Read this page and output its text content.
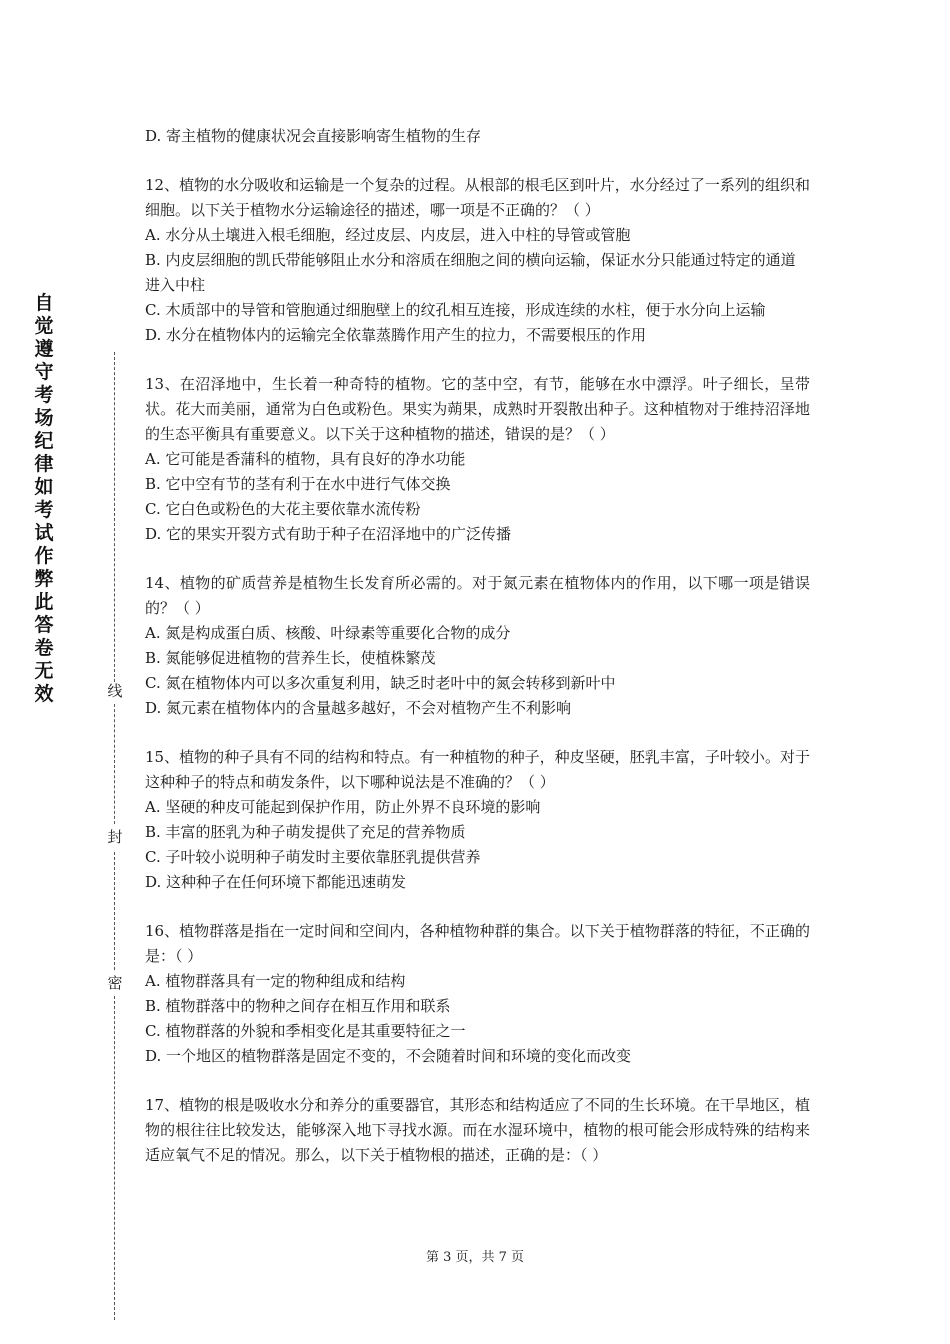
自觉遵守考场纪律如考试作弊此答卷无效	线
封
密

D. 寄主植物的健康状况会直接影响寄生植物的生存

12、植物的水分吸收和运输是一个复杂的过程。从根部的根毛区到叶片，水分经过了一系列的组织和细胞。以下关于植物水分运输途径的描述，哪一项是不正确的？（ ）

A. 水分从土壤进入根毛细胞，经过皮层、内皮层，进入中柱的导管或管胞

B. 内皮层细胞的凯氏带能够阻止水分和溶质在细胞之间的横向运输，保证水分只能通过特定的通道进入中柱

C. 木质部中的导管和管胞通过细胞壁上的纹孔相互连接，形成连续的水柱，便于水分向上运输

D. 水分在植物体内的运输完全依靠蒸腾作用产生的拉力，不需要根压的作用

13、在沼泽地中，生长着一种奇特的植物。它的茎中空，有节，能够在水中漂浮。叶子细长，呈带状。花大而美丽，通常为白色或粉色。果实为蒴果，成熟时开裂散出种子。这种植物对于维持沼泽地的生态平衡具有重要意义。以下关于这种植物的描述，错误的是？（ ）

A. 它可能是香蒲科的植物，具有良好的净水功能

B. 它中空有节的茎有利于在水中进行气体交换

C. 它白色或粉色的大花主要依靠水流传粉

D. 它的果实开裂方式有助于种子在沼泽地中的广泛传播

14、植物的矿质营养是植物生长发育所必需的。对于氮元素在植物体内的作用，以下哪一项是错误的？（ ）

A. 氮是构成蛋白质、核酸、叶绿素等重要化合物的成分

B. 氮能够促进植物的营养生长，使植株繁茂

C. 氮在植物体内可以多次重复利用，缺乏时老叶中的氮会转移到新叶中

D. 氮元素在植物体内的含量越多越好，不会对植物产生不利影响

15、植物的种子具有不同的结构和特点。有一种植物的种子，种皮坚硬，胚乳丰富，子叶较小。对于这种种子的特点和萌发条件，以下哪种说法是不准确的？（ ）

A. 坚硬的种皮可能起到保护作用，防止外界不良环境的影响

B. 丰富的胚乳为种子萌发提供了充足的营养物质

C. 子叶较小说明种子萌发时主要依靠胚乳提供营养

D. 这种种子在任何环境下都能迅速萌发

16、植物群落是指在一定时间和空间内，各种植物种群的集合。以下关于植物群落的特征，不正确的是：（ ）

A. 植物群落具有一定的物种组成和结构

B. 植物群落中的物种之间存在相互作用和联系

C. 植物群落的外貌和季相变化是其重要特征之一

D. 一个地区的植物群落是固定不变的，不会随着时间和环境的变化而改变

17、植物的根是吸收水分和养分的重要器官，其形态和结构适应了不同的生长环境。在干旱地区，植物的根往往比较发达，能够深入地下寻找水源。而在水湿环境中，植物的根可能会形成特殊的结构来适应氧气不足的情况。那么，以下关于植物根的描述，正确的是：（ ）

第 3 页，共 7 页
